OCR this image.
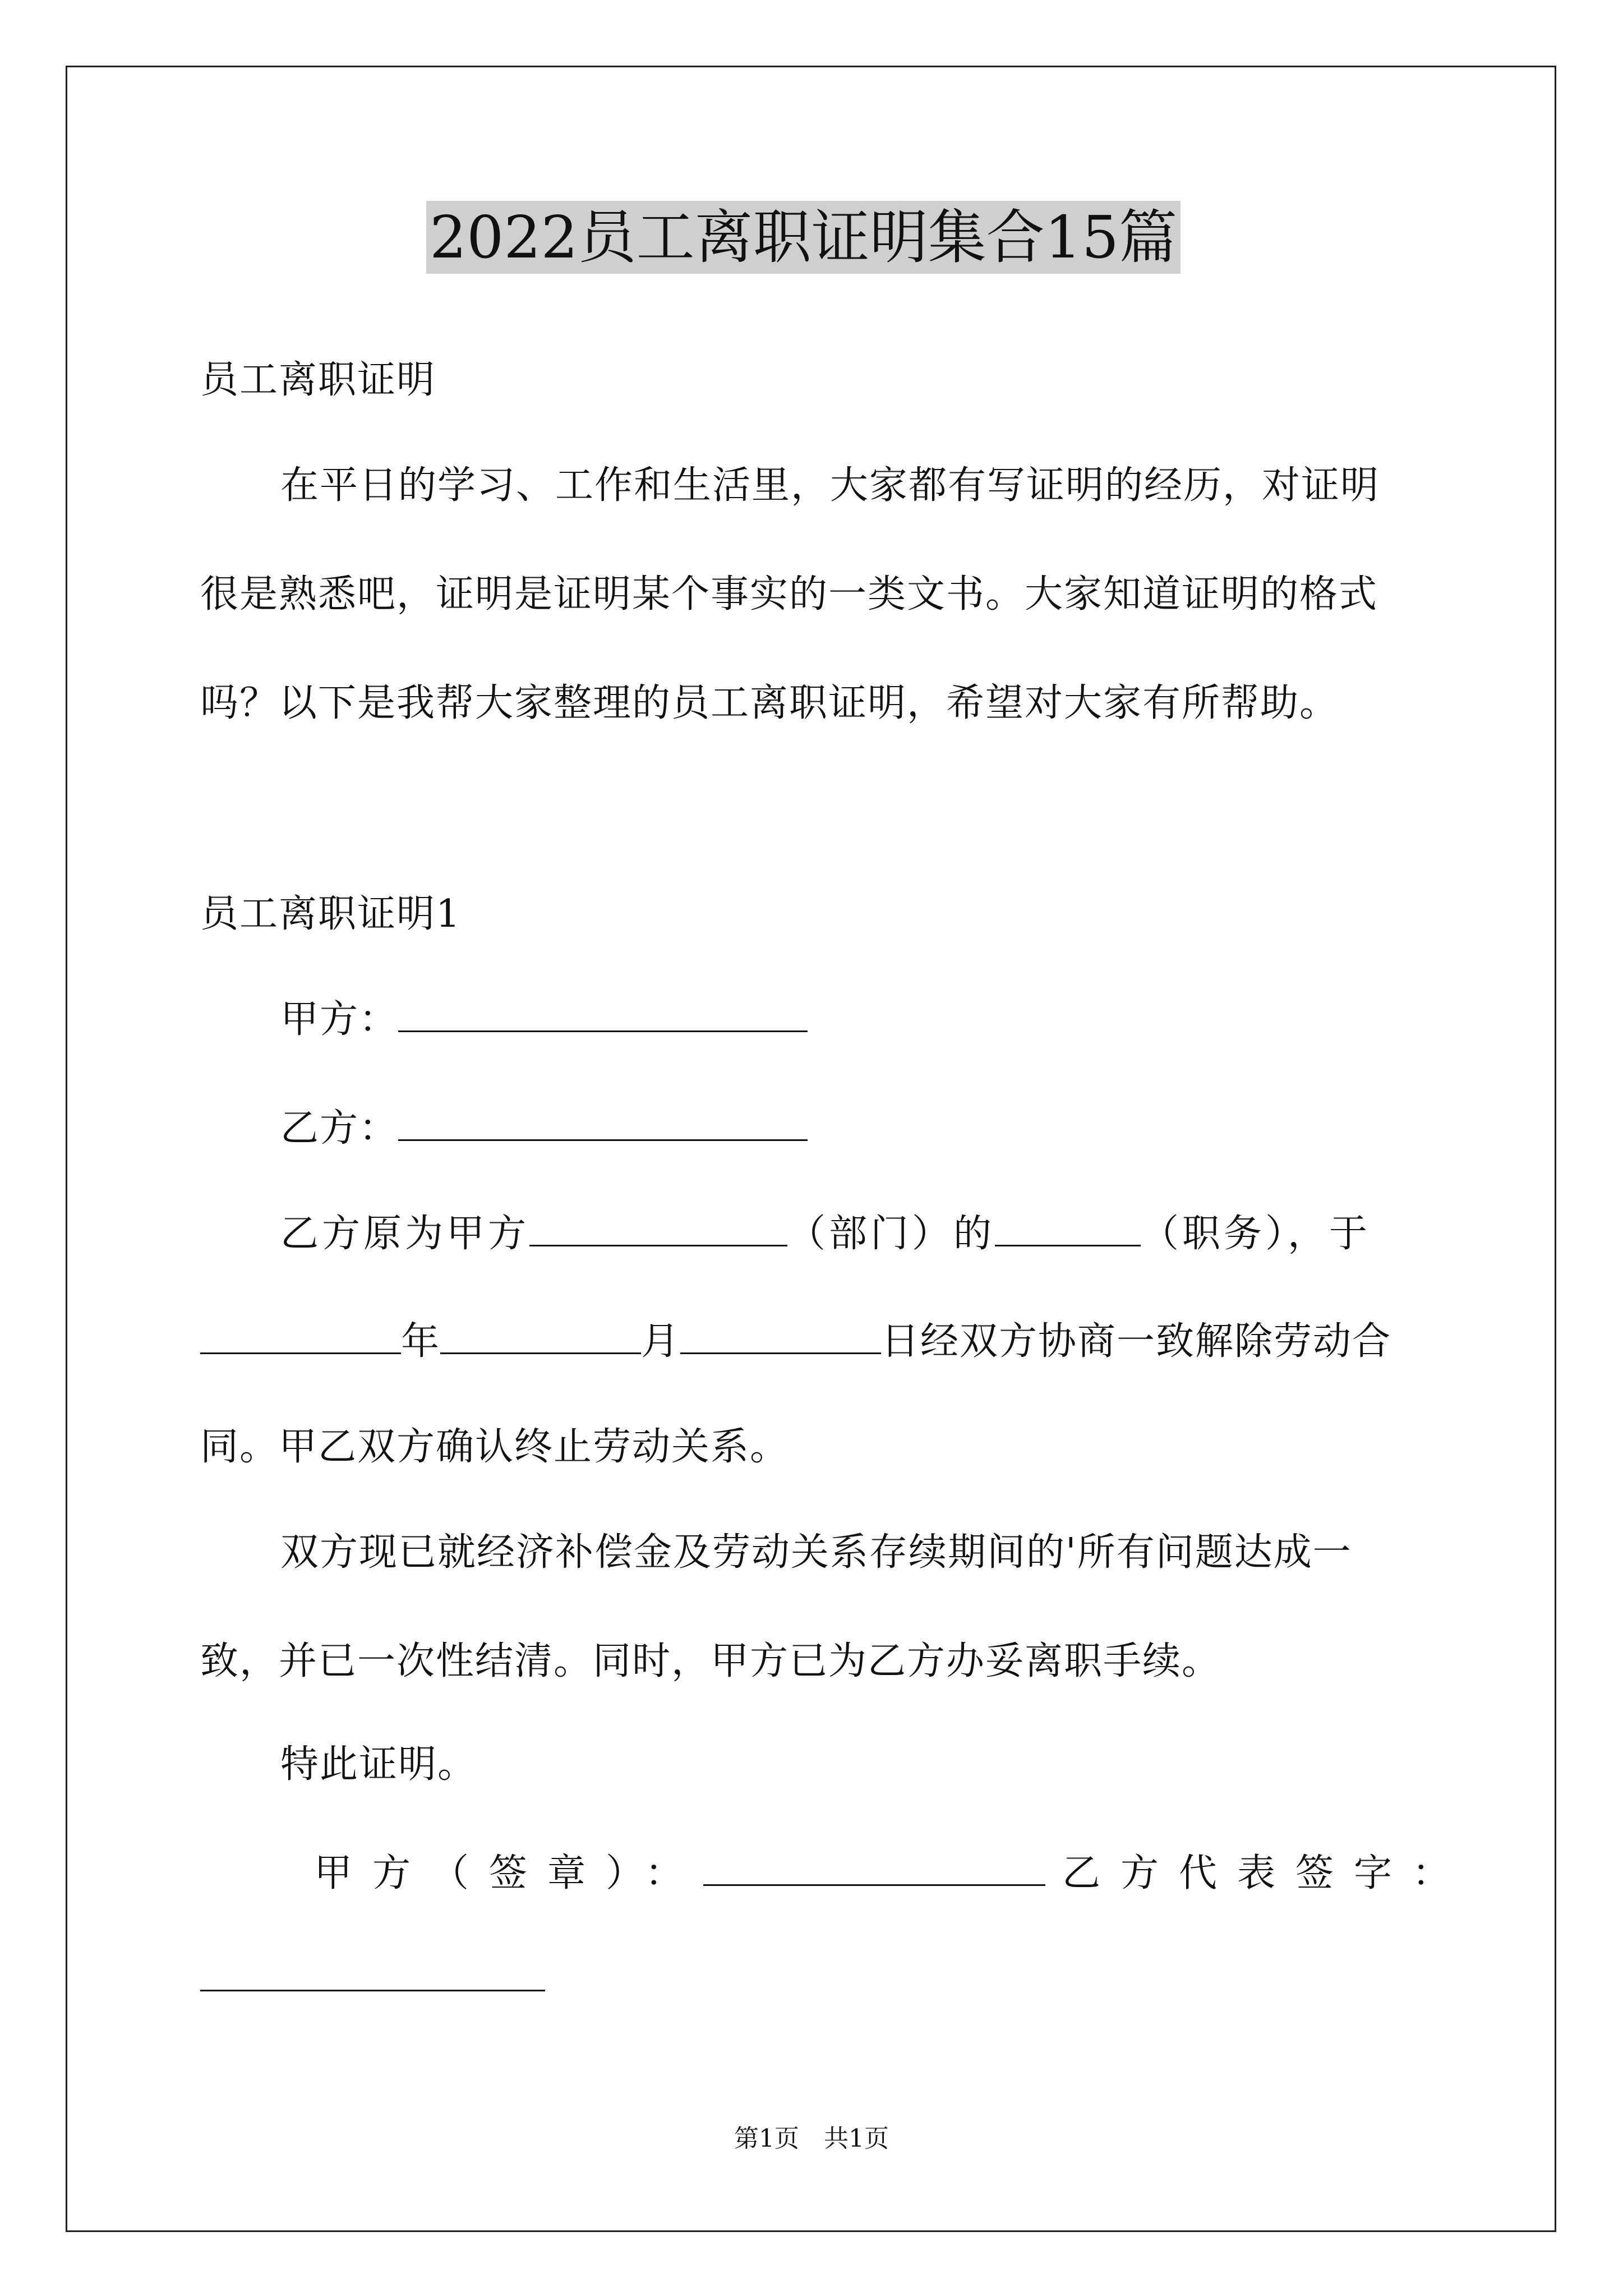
2022员工离职证明集合15篇
员工离职证明
在平日的学习、工作和生活里，大家都有写证明的经历，对证明
很是熟悉吧，证明是证明某个事实的一类文书。大家知道证明的格式
吗？以下是我帮大家整理的员工离职证明，希望对大家有所帮助。
员工离职证明1
甲方：
乙方：
乙方原为甲方	（部门）的	（职务），于
年	月	日经双方协商一致解除劳动合
同。甲乙双方确认终止劳动关系。
双方现已就经济补偿金及劳动关系存续期间的'所有问题达成一
致，并已一次性结清。同时，甲方已为乙方办妥离职手续。
特此证明。
甲方（签章）：	乙方代表签字：
第1页　共1页
